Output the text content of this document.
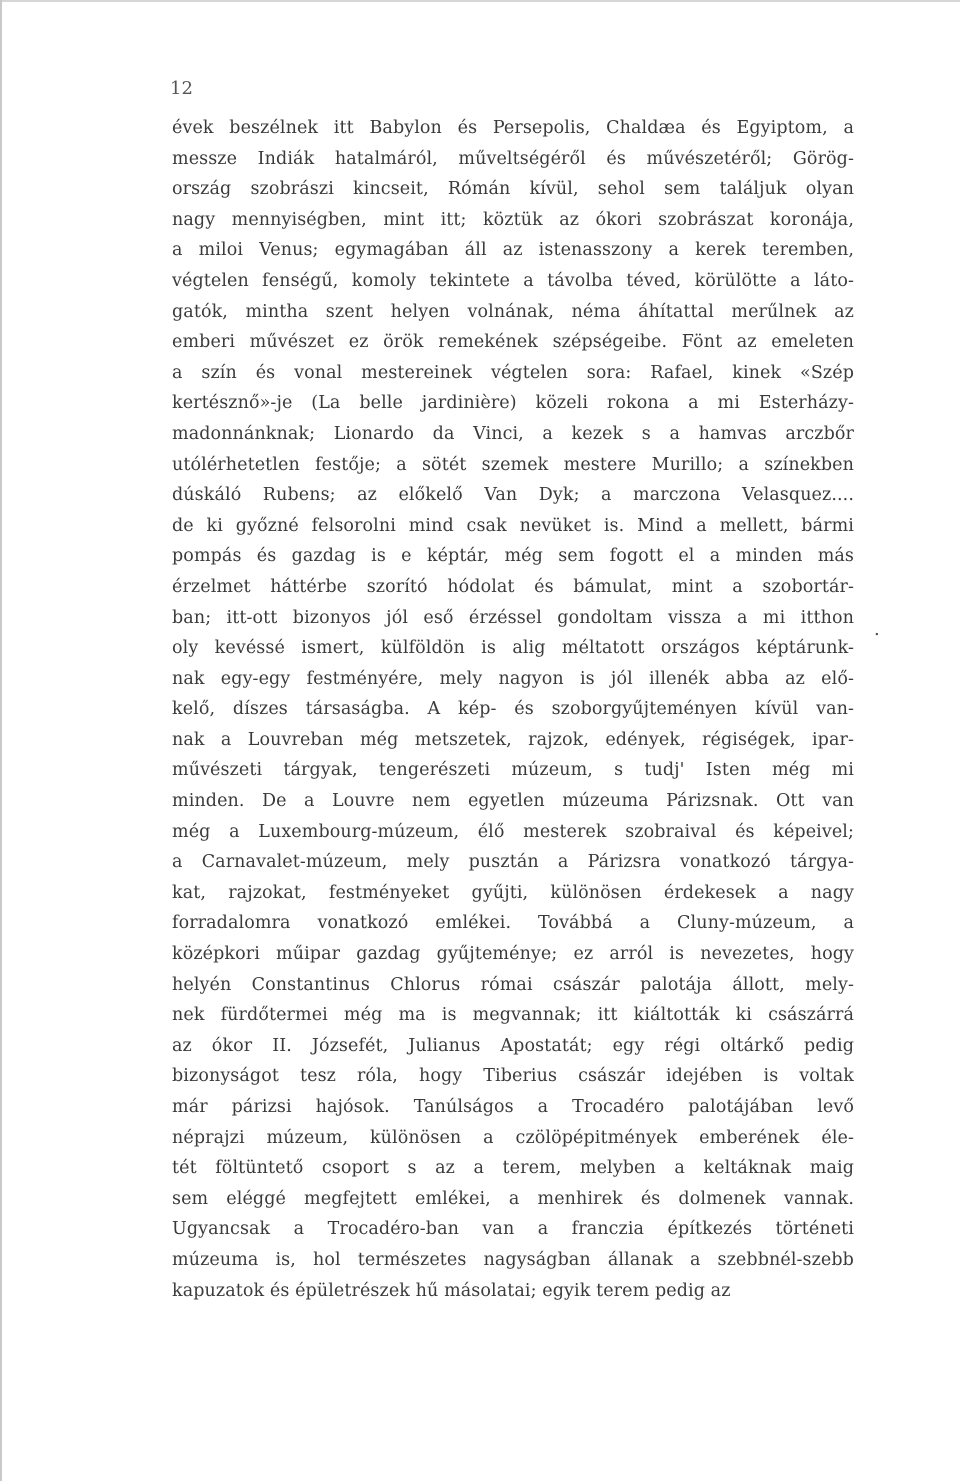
12
évek beszélnek itt Babylon és Persepolis, Chaldæa és Egyiptom, a
messze Indiák hatalmáról, műveltségéről és művészetéről; Görög-
ország szobrászi kincseit, Rómán kívül, sehol sem találjuk olyan
nagy mennyiségben, mint itt; köztük az ókori szobrászat koronája,
a miloi Venus; egymagában áll az istenasszony a kerek teremben,
végtelen fenségű, komoly tekintete a távolba téved, körülötte a láto-
gatók, mintha szent helyen volnának, néma áhítattal merűlnek az
emberi művészet ez örök remekének szépségeibe. Fönt az emeleten
a szín és vonal mestereinek végtelen sora: Rafael, kinek «Szép
kertésznő»-je (La belle jardinière) közeli rokona a mi Esterházy-
madonnánknak; Lionardo da Vinci, a kezek s a hamvas arczbőr
utólérhetetlen festője; a sötét szemek mestere Murillo; a színekben
dúskáló Rubens; az előkelő Van Dyk; a marczona Velasquez....
de ki győzné felsorolni mind csak nevüket is. Mind a mellett, bármi
pompás és gazdag is e képtár, még sem fogott el a minden más
érzelmet háttérbe szorító hódolat és bámulat, mint a szobortár-
ban; itt-ott bizonyos jól eső érzéssel gondoltam vissza a mi itthon
oly kevéssé ismert, külföldön is alig méltatott országos képtárunk-
nak egy-egy festményére, mely nagyon is jól illenék abba az elő-
kelő, díszes társaságba. A kép- és szoborgyűjteményen kívül van-
nak a Louvreban még metszetek, rajzok, edények, régiségek, ipar-
művészeti tárgyak, tengerészeti múzeum, s tudj' Isten még mi
minden. De a Louvre nem egyetlen múzeuma Párizsnak. Ott van
még a Luxembourg-múzeum, élő mesterek szobraival és képeivel;
a Carnavalet-múzeum, mely pusztán a Párizsra vonatkozó tárgya-
kat, rajzokat, festményeket gyűjti, különösen érdekesek a nagy
forradalomra vonatkozó emlékei. Továbbá a Cluny-múzeum, a
középkori műipar gazdag gyűjteménye; ez arról is nevezetes, hogy
helyén Constantinus Chlorus római császár palotája állott, mely-
nek fürdőtermei még ma is megvannak; itt kiáltották ki császárrá
az ókor II. Józsefét, Julianus Apostatát; egy régi oltárkő pedig
bizonyságot tesz róla, hogy Tiberius császár idejében is voltak
már párizsi hajósok. Tanúlságos a Trocadéro palotájában levő
néprajzi múzeum, különösen a czölöpépitmények emberének éle-
tét föltüntető csoport s az a terem, melyben a keltáknak maig
sem eléggé megfejtett emlékei, a menhirek és dolmenek vannak.
Ugyancsak a Trocadéro-ban van a franczia építkezés történeti
múzeuma is, hol természetes nagyságban állanak a szebbnél-szebb
kapuzatok és épületrészek hű másolatai; egyik terem pedig az
.
